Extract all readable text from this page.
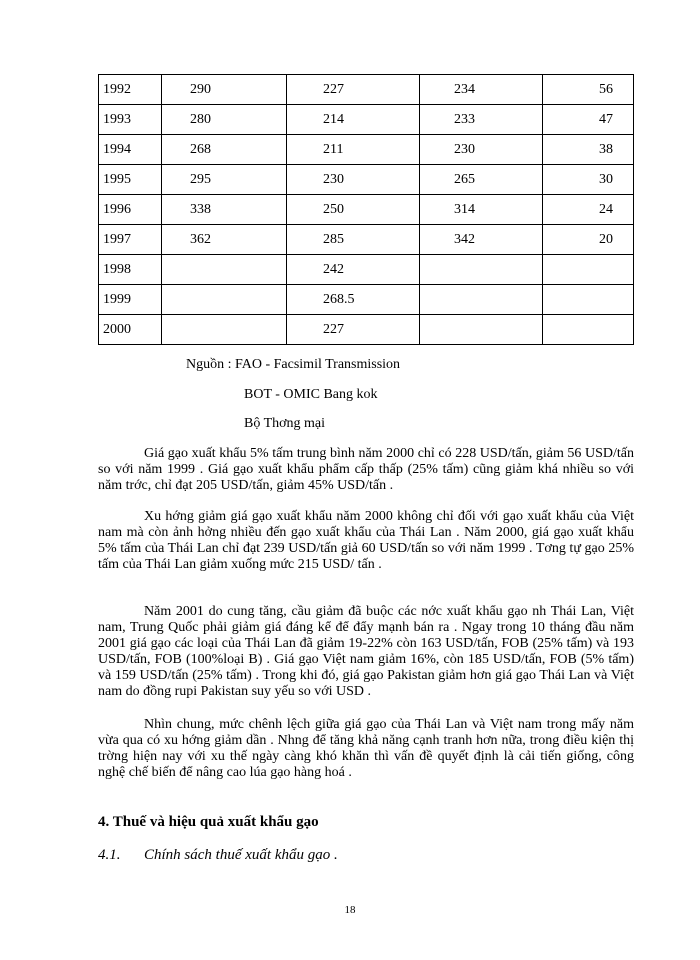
1992	290	227	234	56
1993	280	214	233	47
1994	268	211	230	38
1995	295	230	265	30
1996	338	250	314	24
1997	362	285	342	20
1998		242		
1999		268.5		
2000		227		
Nguồn : FAO - Facsimil Transmission
BOT - OMIC Bang kok
Bộ Thơng mại

Giá gạo xuất khẩu 5% tấm trung bình năm 2000 chỉ có 228 USD/tấn, giảm 56 USD/tấn so với năm 1999 . Giá gạo xuất khẩu phẩm cấp thấp (25% tấm) cũng giảm khá nhiều so với năm trớc, chỉ đạt 205 USD/tấn, giảm 45% USD/tấn .

Xu hớng giảm giá gạo xuất khẩu năm 2000 không chỉ đối với gạo xuất khẩu của Việt nam mà còn ảnh hởng nhiều đến gạo xuất khẩu của Thái Lan . Năm 2000, giá gạo xuất khẩu 5% tấm của Thái Lan chỉ đạt 239 USD/tấn giả 60 USD/tấn so với năm 1999 . Tơng tự gạo 25% tấm của Thái Lan giảm xuống mức 215 USD/ tấn .

Năm 2001 do cung tăng, cầu giảm đã buộc các nớc xuất khẩu gạo nh Thái Lan, Việt nam, Trung Quốc phải giảm giá đáng kể để đẩy mạnh bán ra . Ngay trong 10 tháng đầu năm 2001 giá gạo các loại của Thái Lan đã giảm 19-22% còn 163 USD/tấn, FOB (25% tấm) và 193 USD/tấn, FOB (100%loại B) . Giá gạo Việt nam giảm 16%, còn 185 USD/tấn, FOB (5% tấm) và 159 USD/tấn (25% tấm) . Trong khi đó, giá gạo Pakistan giảm hơn giá gạo Thái Lan và Việt nam do đồng rupi Pakistan suy yếu so với USD .

Nhìn chung, mức chênh lệch giữa giá gạo của Thái Lan và Việt nam trong mấy năm vừa qua có xu hớng giảm dần . Nhng để tăng khả năng cạnh tranh hơn nữa, trong điều kiện thị trờng hiện nay với xu thế ngày càng khó khăn thì vấn đề quyết định là cải tiến giống, công nghệ chế biến để nâng cao lúa gạo hàng hoá .

4. Thuế và hiệu quả xuất khẩu gạo
4.1. Chính sách thuế xuất khẩu gạo .
18
